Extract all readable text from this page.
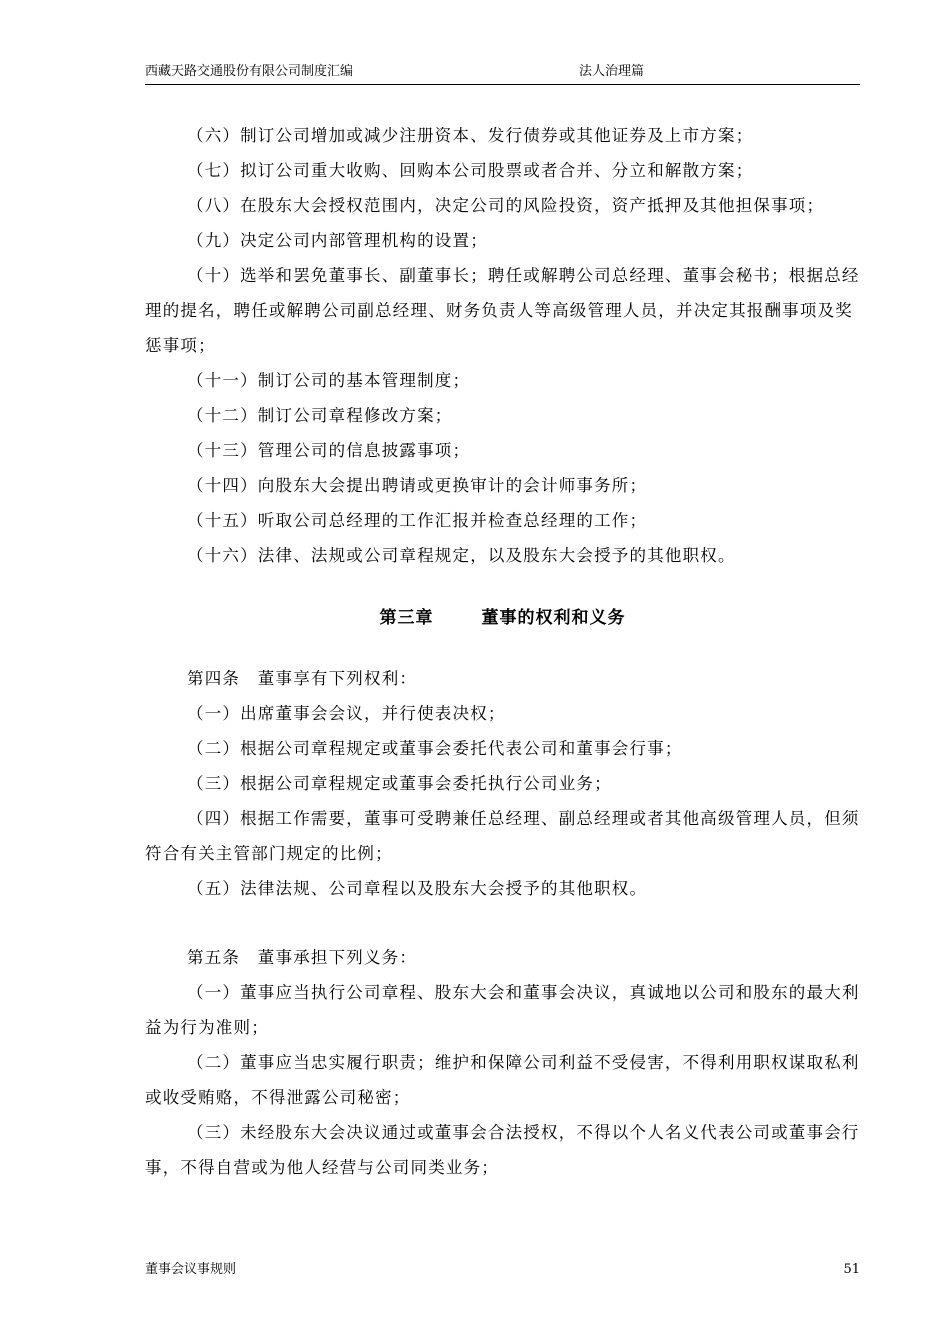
西藏天路交通股份有限公司制度汇编	法人治理篇

（六）制订公司增加或减少注册资本、发行债券或其他证券及上市方案；

（七）拟订公司重大收购、回购本公司股票或者合并、分立和解散方案；

（八）在股东大会授权范围内，决定公司的风险投资，资产抵押及其他担保事项；

（九）决定公司内部管理机构的设置；

（十）选举和罢免董事长、副董事长；聘任或解聘公司总经理、董事会秘书；根据总经理的提名，聘任或解聘公司副总经理、财务负责人等高级管理人员，并决定其报酬事项及奖惩事项；

（十一）制订公司的基本管理制度；

（十二）制订公司章程修改方案；

（十三）管理公司的信息披露事项；

（十四）向股东大会提出聘请或更换审计的会计师事务所；

（十五）听取公司总经理的工作汇报并检查总经理的工作；

（十六）法律、法规或公司章程规定，以及股东大会授予的其他职权。

第三章	董事的权利和义务

第四条　董事享有下列权利：

（一）出席董事会会议，并行使表决权；

（二）根据公司章程规定或董事会委托代表公司和董事会行事；

（三）根据公司章程规定或董事会委托执行公司业务；

（四）根据工作需要，董事可受聘兼任总经理、副总经理或者其他高级管理人员，但须符合有关主管部门规定的比例；

（五）法律法规、公司章程以及股东大会授予的其他职权。

第五条　董事承担下列义务：

（一）董事应当执行公司章程、股东大会和董事会决议，真诚地以公司和股东的最大利益为行为准则；

（二）董事应当忠实履行职责；维护和保障公司利益不受侵害，不得利用职权谋取私利或收受贿赂，不得泄露公司秘密；

（三）未经股东大会决议通过或董事会合法授权，不得以个人名义代表公司或董事会行事，不得自营或为他人经营与公司同类业务；

董事会议事规则	51
